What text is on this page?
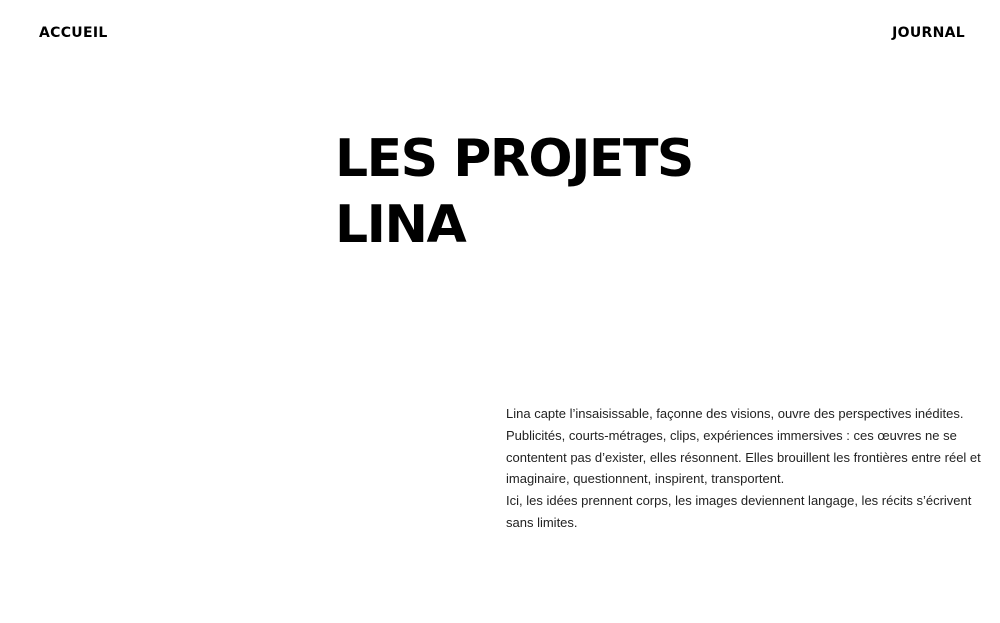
ACCUEIL	JOURNAL
LES PROJETS
LINA

Lina capte l’insaisissable, façonne des visions, ouvre des perspectives inédites. Publicités, courts-métrages, clips, expériences immersives : ces œuvres ne se contentent pas d’exister, elles résonnent. Elles brouillent les frontières entre réel et imaginaire, questionnent, inspirent, transportent.

Ici, les idées prennent corps, les images deviennent langage, les récits s’écrivent sans limites.
